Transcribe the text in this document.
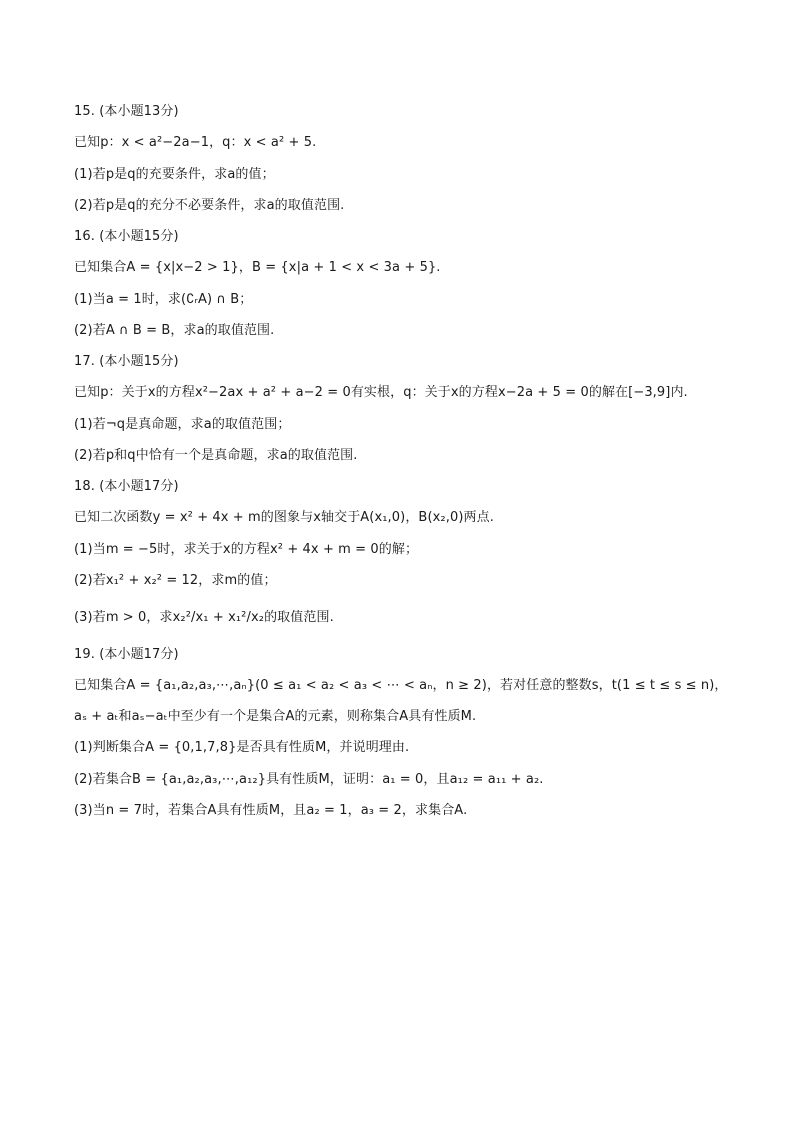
15. (本小题13分)
已知p：x < a²−2a−1，q：x < a² + 5.
(1)若p是q的充要条件，求a的值；
(2)若p是q的充分不必要条件，求a的取值范围.
16. (本小题15分)
已知集合A = {x|x−2 > 1}，B = {x|a + 1 < x < 3a + 5}.
(1)当a = 1时，求(∁ᵣA) ∩ B；
(2)若A ∩ B = B，求a的取值范围.
17. (本小题15分)
已知p：关于x的方程x²−2ax + a² + a−2 = 0有实根，q：关于x的方程x−2a + 5 = 0的解在[−3,9]内.
(1)若¬q是真命题，求a的取值范围；
(2)若p和q中恰有一个是真命题，求a的取值范围.
18. (本小题17分)
已知二次函数y = x² + 4x + m的图象与x轴交于A(x₁,0)，B(x₂,0)两点.
(1)当m = −5时，求关于x的方程x² + 4x + m = 0的解；
(2)若x₁² + x₂² = 12，求m的值；
(3)若m > 0，求x₂²/x₁ + x₁²/x₂的取值范围.
19. (本小题17分)
已知集合A = {a₁,a₂,a₃,⋯,aₙ}(0 ≤ a₁ < a₂ < a₃ < ⋯ < aₙ，n ≥ 2)，若对任意的整数s，t(1 ≤ t ≤ s ≤ n)，
aₛ + aₜ和aₛ−aₜ中至少有一个是集合A的元素，则称集合A具有性质M.
(1)判断集合A = {0,1,7,8}是否具有性质M，并说明理由.
(2)若集合B = {a₁,a₂,a₃,⋯,a₁₂}具有性质M，证明：a₁ = 0，且a₁₂ = a₁₁ + a₂.
(3)当n = 7时，若集合A具有性质M，且a₂ = 1，a₃ = 2，求集合A.
